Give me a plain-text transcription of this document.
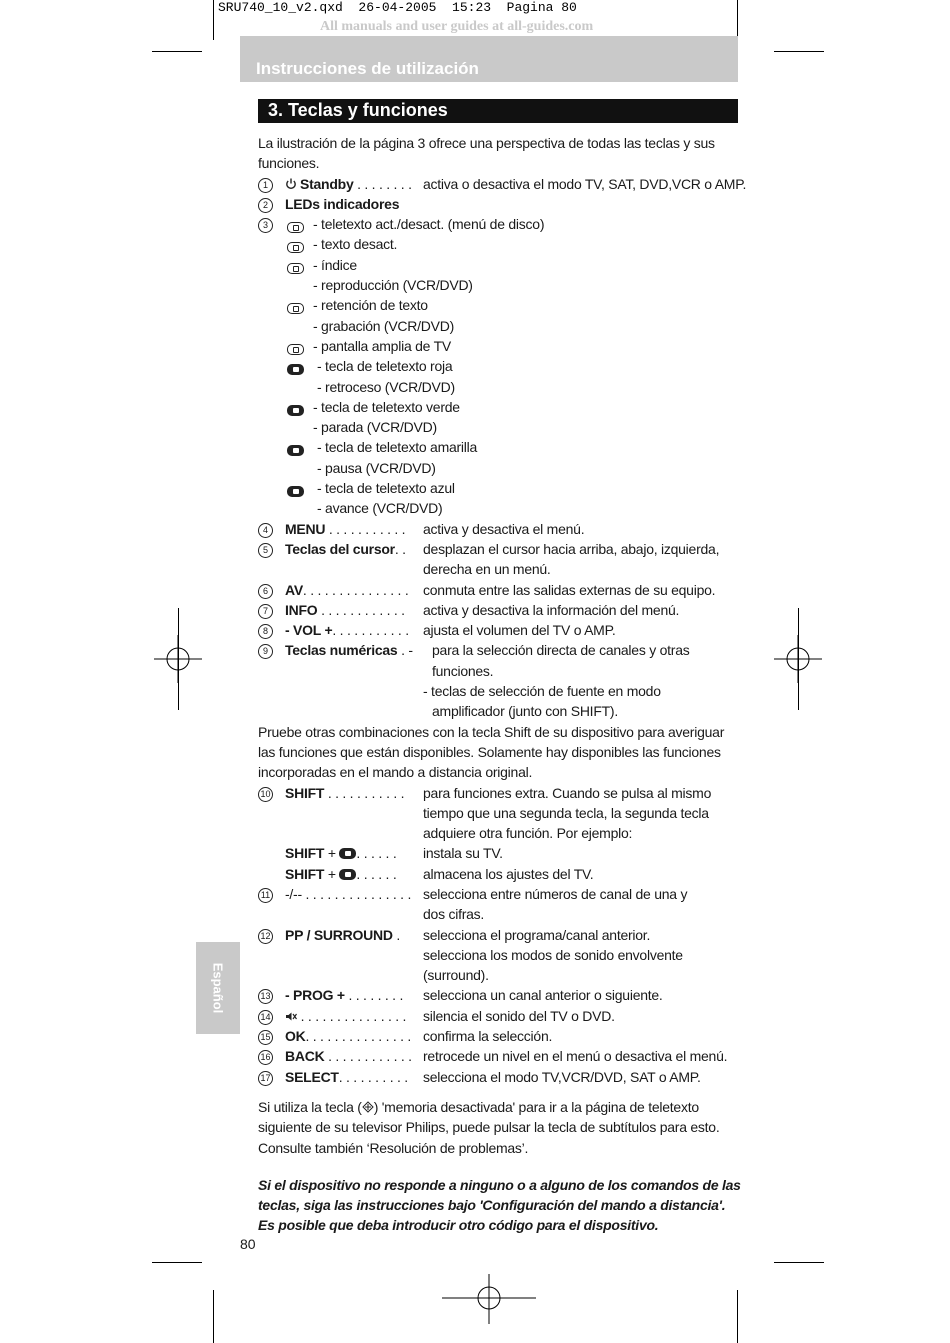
SRU740_10_v2.qxd  26-04-2005  15:23  Pagina 80
All manuals and user guides at all-guides.com
Instrucciones de utilización
3. Teclas y funciones

La ilustración de la página 3 ofrece una perspectiva de todas las teclas y sus funciones.

1	Standby . . . . . . . . activa o desactiva el modo TV, SAT, DVD,VCR o AMP.
2	LEDs indicadores
3	- teletexto act./desact. (menú de disco)
- texto desact.
- índice
- reproducción (VCR/DVD)
- retención de texto
- grabación (VCR/DVD)
- pantalla amplia de TV
- tecla de teletexto roja
- retroceso (VCR/DVD)
- tecla de teletexto verde
- parada (VCR/DVD)
- tecla de teletexto amarilla
- pausa (VCR/DVD)
- tecla de teletexto azul
- avance (VCR/DVD)
4	MENU . . . . . . . . . . . activa y desactiva el menú.
5	Teclas del cursor. . desplazan el cursor hacia arriba, abajo, izquierda,
derecha en un menú.
6	AV. . . . . . . . . . . . . . . conmuta entre las salidas externas de su equipo.
7	INFO . . . . . . . . . . . . activa y desactiva la información del menú.
8	- VOL +. . . . . . . . . . . ajusta el volumen del TV o AMP.
9	Teclas numéricas . - para la selección directa de canales y otras
funciones.
- teclas de selección de fuente en modo
amplificador (junto con SHIFT).

Pruebe otras combinaciones con la tecla Shift de su dispositivo para averiguar las funciones que están disponibles. Solamente hay disponibles las funciones incorporadas en el mando a distancia original.

10 SHIFT . . . . . . . . . . . para funciones extra. Cuando se pulsa al mismo
tiempo que una segunda tecla, la segunda tecla
adquiere otra función. Por ejemplo:
SHIFT + . . . . . . instala su TV.
SHIFT + . . . . . . almacena los ajustes del TV.
11 -/-- . . . . . . . . . . . . . . . selecciona entre números de canal de una y
dos cifras.
12 PP / SURROUND . selecciona el programa/canal anterior.
selecciona los modos de sonido envolvente
(surround).
13 - PROG + . . . . . . . . selecciona un canal anterior o siguiente.
14	. . . . . . . . . . . . . . . silencia el sonido del TV o DVD.
15 OK. . . . . . . . . . . . . . . confirma la selección.
16 BACK . . . . . . . . . . . . retrocede un nivel en el menú o desactiva el menú.
17 SELECT. . . . . . . . . . selecciona el modo TV,VCR/DVD, SAT o AMP.

Si utiliza la tecla ( ) 'memoria desactivada' para ir a la página de teletexto siguiente de su televisor Philips, puede pulsar la tecla de subtítulos para esto. Consulte también ‘Resolución de problemas’.

Si el dispositivo no responde a ninguno o a alguno de los comandos de las teclas, siga las instrucciones bajo 'Configuración del mando a distancia'. Es posible que deba introducir otro código para el dispositivo.

Español
80
